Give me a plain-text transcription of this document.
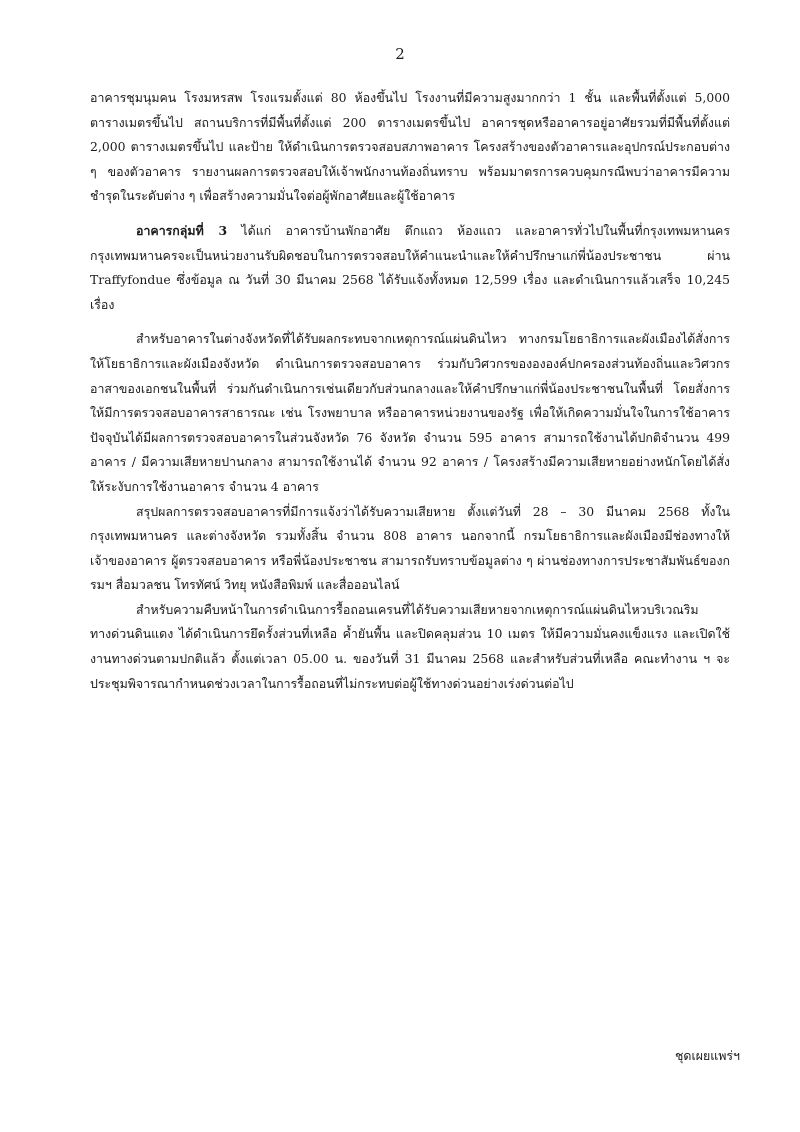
2

อาคารชุมนุมคน โรงมหรสพ โรงแรมตั้งแต่ 80 ห้องขึ้นไป โรงงานที่มีความสูงมากกว่า 1 ชั้น และพื้นที่ตั้งแต่ 5,000 ตารางเมตรขึ้นไป สถานบริการที่มีพื้นที่ตั้งแต่ 200 ตารางเมตรขึ้นไป อาคารชุดหรืออาคารอยู่อาศัยรวมที่มีพื้นที่ตั้งแต่ 2,000 ตารางเมตรขึ้นไป และป้าย ให้ดำเนินการตรวจสอบสภาพอาคาร โครงสร้างของตัวอาคารและอุปกรณ์ประกอบต่าง ๆ ของตัวอาคาร รายงานผลการตรวจสอบให้เจ้าพนักงานท้องถิ่นทราบ พร้อมมาตรการควบคุมกรณีพบว่าอาคารมีความชำรุดในระดับต่าง ๆ เพื่อสร้างความมั่นใจต่อผู้พักอาศัยและผู้ใช้อาคาร

อาคารกลุ่มที่ 3 ได้แก่ อาคารบ้านพักอาศัย ตึกแถว ห้องแถว และอาคารทั่วไปในพื้นที่กรุงเทพมหานคร กรุงเทพมหานครจะเป็นหน่วยงานรับผิดชอบในการตรวจสอบให้คำแนะนำและให้คำปรึกษาแก่พี่น้องประชาชน ผ่าน Traffyfondue ซึ่งข้อมูล ณ วันที่ 30 มีนาคม 2568 ได้รับแจ้งทั้งหมด 12,599 เรื่อง และดำเนินการแล้วเสร็จ 10,245 เรื่อง

สำหรับอาคารในต่างจังหวัดที่ได้รับผลกระทบจากเหตุการณ์แผ่นดินไหว ทางกรมโยธาธิการและผังเมืองได้สั่งการให้โยธาธิการและผังเมืองจังหวัด ดำเนินการตรวจสอบอาคาร ร่วมกับวิศวกรของององค์ปกครองส่วนท้องถิ่นและวิศวกรอาสาของเอกชนในพื้นที่ ร่วมกันดำเนินการเช่นเดียวกับส่วนกลางและให้คำปรึกษาแก่พี่น้องประชาชนในพื้นที่ โดยสั่งการให้มีการตรวจสอบอาคารสาธารณะ เช่น โรงพยาบาล หรืออาคารหน่วยงานของรัฐ เพื่อให้เกิดความมั่นใจในการใช้อาคาร ปัจจุบันได้มีผลการตรวจสอบอาคารในส่วนจังหวัด 76 จังหวัด จำนวน 595 อาคาร สามารถใช้งานได้ปกติจำนวน 499 อาคาร / มีความเสียหายปานกลาง สามารถใช้งานได้ จำนวน 92 อาคาร / โครงสร้างมีความเสียหายอย่างหนักโดยได้สั่งให้ระงับการใช้งานอาคาร จำนวน 4 อาคาร

สรุปผลการตรวจสอบอาคารที่มีการแจ้งว่าได้รับความเสียหาย ตั้งแต่วันที่ 28 – 30 มีนาคม 2568 ทั้งในกรุงเทพมหานคร และต่างจังหวัด รวมทั้งสิ้น จำนวน 808 อาคาร นอกจากนี้ กรมโยธาธิการและผังเมืองมีช่องทางให้เจ้าของอาคาร ผู้ตรวจสอบอาคาร หรือพี่น้องประชาชน สามารถรับทราบข้อมูลต่าง ๆ ผ่านช่องทางการประชาสัมพันธ์ของกรมฯ สื่อมวลชน โทรทัศน์ วิทยุ หนังสือพิมพ์ และสื่อออนไลน์

สำหรับความคืบหน้าในการดำเนินการรื้อถอนเครนที่ได้รับความเสียหายจากเหตุการณ์แผ่นดินไหวบริเวณริมทางด่วนดินแดง ได้ดำเนินการยึดรั้งส่วนที่เหลือ ค้ำยันพื้น และปิดคลุมส่วน 10 เมตร ให้มีความมั่นคงแข็งแรง และเปิดใช้งานทางด่วนตามปกติแล้ว ตั้งแต่เวลา 05.00 น. ของวันที่ 31 มีนาคม 2568 และสำหรับส่วนที่เหลือ คณะทำงาน ฯ จะประชุมพิจารณากำหนดช่วงเวลาในการรื้อถอนที่ไม่กระทบต่อผู้ใช้ทางด่วนอย่างเร่งด่วนต่อไป

ชุดเผยแพร่ฯ
